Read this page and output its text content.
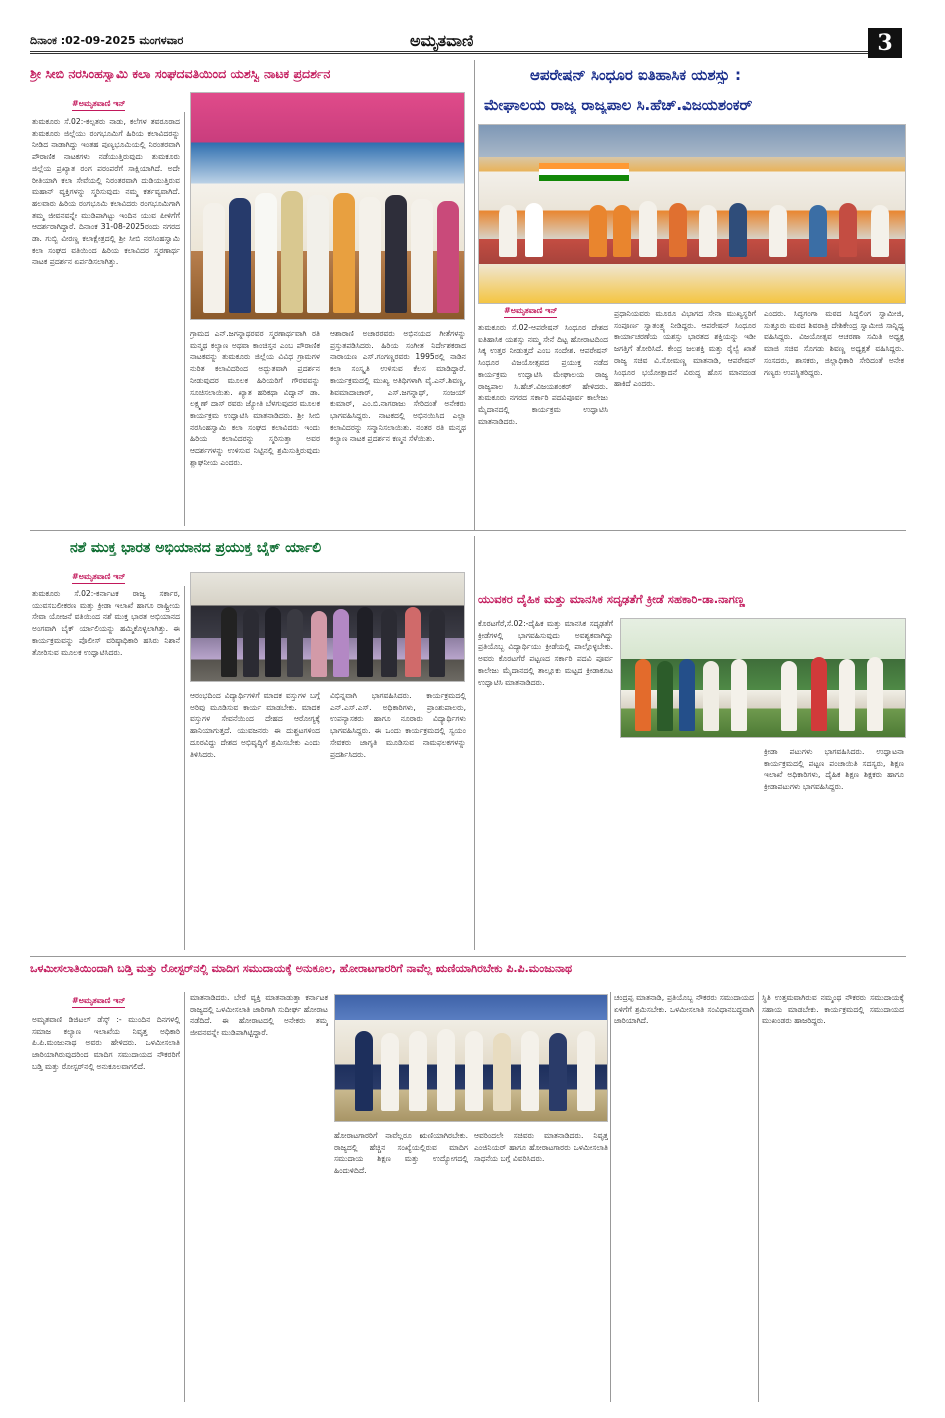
ದಿನಾಂಕ :02-09-2025 ಮಂಗಳವಾರ	ಅಮೃತವಾಣಿ	3
ಶ್ರೀ ಸೀಬಿ ನರಸಿಂಹಸ್ವಾಮಿ ಕಲಾ ಸಂಘದವತಿಯಿಂದ ಯಶಸ್ವಿ ನಾಟಕ ಪ್ರದರ್ಶನ
#ಅಮೃತವಾಣಿ ಇನ್
ತುಮಕೂರು ಸೆ.02:-ಕಲ್ಪತರು ನಾಡು, ಕಲೆಗಳ ತವರೂರಾದ ತುಮಕೂರು ಜಿಲ್ಲೆಯು ರಂಗಭೂಮಿಗೆ ಹಿರಿಯ ಕಲಾವಿದರನ್ನು ನೀಡಿದ ನಾಡಾಗಿದ್ದು ಇಂತಹ ಪುಣ್ಯಭೂಮಿಯಲ್ಲಿ ನಿರಂತರವಾಗಿ ಪೌರಾಣಿಕ ನಾಟಕಗಳು ನಡೆಯುತ್ತಿರುವುದು ತುಮಕೂರು ಜಿಲ್ಲೆಯ ಪ್ರಖ್ಯಾತ ರಂಗ ಪರಂಪರೆಗೆ ಸಾಕ್ಷಿಯಾಗಿದೆ. ಅದೇ ರೀತಿಯಾಗಿ ಕಲಾ ಸೇವೆಯಲ್ಲಿ ನಿರಂತರವಾಗಿ ದುಡಿಯುತ್ತಿರುವ ಮಹಾನ್ ವ್ಯಕ್ತಿಗಳನ್ನು ಸ್ಮರಿಸುವುದು ನಮ್ಮ ಕರ್ತವ್ಯವಾಗಿದೆ. ಹಲವಾರು ಹಿರಿಯ ರಂಗಭೂಮಿ ಕಲಾವಿದರು ರಂಗಭೂಮಿಗಾಗಿ ತಮ್ಮ ಜೀವನವನ್ನೇ ಮುಡಿಪಾಗಿಟ್ಟು ಇಂದಿನ ಯುವ ಪೀಳಿಗೆಗೆ ಆದರ್ಶರಾಗಿದ್ದಾರೆ. ದಿನಾಂಕ 31-08-2025ರಂದು ನಗರದ ಡಾ. ಗುಬ್ಬಿ ವೀರಣ್ಣ ಕಲಾಕ್ಷೇತ್ರದಲ್ಲಿ ಶ್ರೀ ಸೀಬಿ ನರಸಿಂಹಸ್ವಾಮಿ ಕಲಾ ಸಂಘದ ವತಿಯಿಂದ ಹಿರಿಯ ಕಲಾವಿದರ ಸ್ಮರಣಾರ್ಥ ನಾಟಕ ಪ್ರದರ್ಶನ ಏರ್ಪಡಿಸಲಾಗಿತ್ತು.
ಗ್ರಾಮದ ಎನ್.ಜಗನ್ನಾಥರವರ ಸ್ಮರಣಾರ್ಥವಾಗಿ ರತಿ ಮನ್ಮಥ ಕಲ್ಯಾಣ ಅಥವಾ ಕಾಂಚಿಸ್ತನ ಎಂಬ ಪೌರಾಣಿಕ ನಾಟಕವನ್ನು ತುಮಕೂರು ಜಿಲ್ಲೆಯ ವಿವಿಧ ಗ್ರಾಮಗಳ ನುರಿತ ಕಲಾವಿದರಿಂದ ಅದ್ಭುತವಾಗಿ ಪ್ರದರ್ಶನ ನೀಡುವುದರ ಮೂಲಕ ಹಿರಿಯರಿಗೆ ಗೌರವವನ್ನು ಸೂಚಿಸಲಾಯಿತು. ಖ್ಯಾತ ಹರಿಕಥಾ ವಿದ್ವಾನ್ ಡಾ. ಲಕ್ಷ್ಮಣ್ ದಾಸ್ ರವರು ಜ್ಯೋತಿ ಬೆಳಗುವುದರ ಮೂಲಕ ಕಾರ್ಯಕ್ರಮ ಉದ್ಘಾಟಿಸಿ ಮಾತನಾಡಿದರು. ಶ್ರೀ ಸೀಬಿ ನರಸಿಂಹಸ್ವಾಮಿ ಕಲಾ ಸಂಘದ ಕಲಾವಿದರು ಇಂದು ಹಿರಿಯ ಕಲಾವಿದರನ್ನು ಸ್ಮರಿಸುತ್ತಾ ಅವರ ಆದರ್ಶಗಳನ್ನು ಉಳಿಸುವ ನಿಟ್ಟಿನಲ್ಲಿ ಶ್ರಮಿಸುತ್ತಿರುವುದು ಶ್ಲಾಘನೀಯ ಎಂದರು.
ಆಶಾರಾಣಿ ಅಚಾರರವರು ಅಭಿನಯದ ಗೀತೆಗಳನ್ನು ಪ್ರಸ್ತುತಪಡಿಸಿದರು. ಹಿರಿಯ ಸಂಗೀತ ನಿರ್ದೇಶಕರಾದ ನಾರಾಯಣ ಎಸ್.ಗಂಗಣ್ಣರವರು 1995ರಲ್ಲಿ ನಾಡಿನ ಕಲಾ ಸಂಸ್ಕೃತಿ ಉಳಿಸುವ ಕೆಲಸ ಮಾಡಿದ್ದಾರೆ. ಕಾರ್ಯಕ್ರಮದಲ್ಲಿ ಮುಖ್ಯ ಅತಿಥಿಗಳಾಗಿ ವೈ.ಎನ್.ಶಿವಣ್ಣ, ಶಿವಮಾದಾಚಾರ್, ಎಸ್.ಜಗನ್ನಾಥ್, ಸಂಜಯ್ ಕುಮಾರ್, ಎಂ.ಬಿ.ನಾಗರಾಜು ಸೇರಿದಂತೆ ಅನೇಕರು ಭಾಗವಹಿಸಿದ್ದರು. ನಾಟಕದಲ್ಲಿ ಅಭಿನಯಿಸಿದ ಎಲ್ಲಾ ಕಲಾವಿದರನ್ನು ಸನ್ಮಾನಿಸಲಾಯಿತು. ನಂತರ ರತಿ ಮನ್ಮಥ ಕಲ್ಯಾಣ ನಾಟಕ ಪ್ರದರ್ಶನ ಕಣ್ಮನ ಸೆಳೆಯಿತು.
ಆಪರೇಷನ್ ಸಿಂಧೂರ ಐತಿಹಾಸಿಕ ಯಶಸ್ಸು :
ಮೇಘಾಲಯ ರಾಜ್ಯ ರಾಜ್ಯಪಾಲ ಸಿ.ಹೆಚ್.ವಿಜಯಶಂಕರ್
#ಅಮೃತವಾಣಿ ಇನ್
ತುಮಕೂರು ಸೆ.02-ಆಪರೇಷನ್ ಸಿಂಧೂರ ದೇಶದ ಐತಿಹಾಸಿಕ ಯಶಸ್ಸು ನಮ್ಮ ಸೇನೆ ದಿಟ್ಟ ಹೋರಾಟದಿಂದ ಸಿಕ್ಕ ಉತ್ತರ ನೀಡುತ್ತದೆ ಎಂಬ ಸಂದೇಶ. ಆಪರೇಷನ್ ಸಿಂಧೂರ ವಿಜಯೋತ್ಸವದ ಪ್ರಯುಕ್ತ ನಡೆದ ಕಾರ್ಯಕ್ರಮ ಉದ್ಘಾಟಿಸಿ ಮೇಘಾಲಯ ರಾಜ್ಯ ರಾಜ್ಯಪಾಲ ಸಿ.ಹೆಚ್.ವಿಜಯಶಂಕರ್ ಹೇಳಿದರು. ತುಮಕೂರು ನಗರದ ಸರ್ಕಾರಿ ಪದವಿಪೂರ್ವ ಕಾಲೇಜು ಮೈದಾನದಲ್ಲಿ ಕಾರ್ಯಕ್ರಮ ಉದ್ಘಾಟಿಸಿ ಮಾತನಾಡಿದರು.
ಪ್ರಧಾನಿಯವರು ಮೂರೂ ವಿಭಾಗದ ಸೇನಾ ಮುಖ್ಯಸ್ಥರಿಗೆ ಸಂಪೂರ್ಣ ಸ್ವಾತಂತ್ರ್ಯ ನೀಡಿದ್ದರು. ಆಪರೇಷನ್ ಸಿಂಧೂರ ಕಾರ್ಯಾಚರಣೆಯ ಯಶಸ್ಸು ಭಾರತದ ಶಕ್ತಿಯನ್ನು ಇಡೀ ಜಗತ್ತಿಗೆ ತೋರಿಸಿದೆ. ಕೇಂದ್ರ ಜಲಶಕ್ತಿ ಮತ್ತು ರೈಲ್ವೆ ಖಾತೆ ರಾಜ್ಯ ಸಚಿವ ವಿ.ಸೋಮಣ್ಣ ಮಾತನಾಡಿ, ಆಪರೇಷನ್ ಸಿಂಧೂರ ಭಯೋತ್ಪಾದನೆ ವಿರುದ್ಧ ಹೊಸ ಮಾನದಂಡ ಹಾಕಿದೆ ಎಂದರು.
ಎಂದರು. ಸಿದ್ಧಗಂಗಾ ಮಠದ ಸಿದ್ಧಲಿಂಗ ಸ್ವಾಮೀಜಿ, ಸುತ್ತೂರು ಮಠದ ಶಿವರಾತ್ರಿ ದೇಶಿಕೇಂದ್ರ ಸ್ವಾಮೀಜಿ ಸಾನ್ನಿಧ್ಯ ವಹಿಸಿದ್ದರು. ವಿಜಯೋತ್ಸವ ಆಚರಣಾ ಸಮಿತಿ ಅಧ್ಯಕ್ಷ ಮಾಜಿ ಸಚಿವ ಸೊಗಡು ಶಿವಣ್ಣ ಅಧ್ಯಕ್ಷತೆ ವಹಿಸಿದ್ದರು. ಸಂಸದರು, ಶಾಸಕರು, ಜಿಲ್ಲಾಧಿಕಾರಿ ಸೇರಿದಂತೆ ಅನೇಕ ಗಣ್ಯರು ಉಪಸ್ಥಿತರಿದ್ದರು.
ನಶೆ ಮುಕ್ತ ಭಾರತ ಅಭಿಯಾನದ ಪ್ರಯುಕ್ತ ಬೈಕ್ ರ್ಯಾಲಿ
#ಅಮೃತವಾಣಿ ಇನ್
ತುಮಕೂರು ಸೆ.02:-ಕರ್ನಾಟಕ ರಾಜ್ಯ ಸರ್ಕಾರ, ಯುವಸಬಲೀಕರಣ ಮತ್ತು ಕ್ರೀಡಾ ಇಲಾಖೆ ಹಾಗೂ ರಾಷ್ಟ್ರೀಯ ಸೇವಾ ಯೋಜನೆ ವತಿಯಿಂದ ನಶೆ ಮುಕ್ತ ಭಾರತ ಅಭಿಯಾನದ ಅಂಗವಾಗಿ ಬೈಕ್ ರ್ಯಾಲಿಯನ್ನು ಹಮ್ಮಿಕೊಳ್ಳಲಾಗಿತ್ತು. ಈ ಕಾರ್ಯಕ್ರಮವನ್ನು ಪೊಲೀಸ್ ವರಿಷ್ಠಾಧಿಕಾರಿ ಹಸಿರು ನಿಶಾನೆ ತೋರಿಸುವ ಮೂಲಕ ಉದ್ಘಾಟಿಸಿದರು.
ಆರಂಭದಿಂದ ವಿದ್ಯಾರ್ಥಿಗಳಿಗೆ ಮಾದಕ ವಸ್ತುಗಳ ಬಗ್ಗೆ ಅರಿವು ಮೂಡಿಸುವ ಕಾರ್ಯ ಮಾಡಬೇಕು. ಮಾದಕ ವಸ್ತುಗಳ ಸೇವನೆಯಿಂದ ದೇಹದ ಆರೋಗ್ಯಕ್ಕೆ ಹಾನಿಯಾಗುತ್ತದೆ. ಯುವಜನರು ಈ ದುಶ್ಚಟಗಳಿಂದ ದೂರವಿದ್ದು ದೇಶದ ಅಭಿವೃದ್ಧಿಗೆ ಶ್ರಮಿಸಬೇಕು ಎಂದು ತಿಳಿಸಿದರು.
ವಿಭಿನ್ನವಾಗಿ ಭಾಗವಹಿಸಿದರು. ಕಾರ್ಯಕ್ರಮದಲ್ಲಿ ಎನ್.ಎಸ್.ಎಸ್. ಅಧಿಕಾರಿಗಳು, ಪ್ರಾಂಶುಪಾಲರು, ಉಪನ್ಯಾಸಕರು ಹಾಗೂ ನೂರಾರು ವಿದ್ಯಾರ್ಥಿಗಳು ಭಾಗವಹಿಸಿದ್ದರು. ಈ ಒಂದು ಕಾರ್ಯಕ್ರಮದಲ್ಲಿ ಸ್ವಯಂ ಸೇವಕರು ಜಾಗೃತಿ ಮೂಡಿಸುವ ನಾಮಫಲಕಗಳನ್ನು ಪ್ರದರ್ಶಿಸಿದರು.
ಯುವಕರ ದೈಹಿಕ ಮತ್ತು ಮಾನಸಿಕ ಸದೃಢತೆಗೆ ಕ್ರೀಡೆ ಸಹಕಾರಿ-ಡಾ.ನಾಗಣ್ಣ
ಕೊರಟಗೆರೆ,ಸೆ.02:-ದೈಹಿಕ ಮತ್ತು ಮಾನಸಿಕ ಸದೃಢತೆಗೆ ಕ್ರೀಡೆಗಳಲ್ಲಿ ಭಾಗವಹಿಸುವುದು ಅವಶ್ಯಕವಾಗಿದ್ದು ಪ್ರತಿಯೊಬ್ಬ ವಿದ್ಯಾರ್ಥಿಯು ಕ್ರೀಡೆಯಲ್ಲಿ ಪಾಲ್ಗೊಳ್ಳಬೇಕು. ಅವರು ಕೊರಟಗೆರೆ ಪಟ್ಟಣದ ಸರ್ಕಾರಿ ಪದವಿ ಪೂರ್ವ ಕಾಲೇಜು ಮೈದಾನದಲ್ಲಿ ತಾಲ್ಲೂಕು ಮಟ್ಟದ ಕ್ರೀಡಾಕೂಟ ಉದ್ಘಾಟಿಸಿ ಮಾತನಾಡಿದರು.
ಕ್ರೀಡಾ ಪಟುಗಳು ಭಾಗವಹಿಸಿದರು. ಉದ್ಘಾಟನಾ ಕಾರ್ಯಕ್ರಮದಲ್ಲಿ ಪಟ್ಟಣ ಪಂಚಾಯಿತಿ ಸದಸ್ಯರು, ಶಿಕ್ಷಣ ಇಲಾಖೆ ಅಧಿಕಾರಿಗಳು, ದೈಹಿಕ ಶಿಕ್ಷಣ ಶಿಕ್ಷಕರು ಹಾಗೂ ಕ್ರೀಡಾಪಟುಗಳು ಭಾಗವಹಿಸಿದ್ದರು.
ಒಳಮೀಸಲಾತಿಯಿಂದಾಗಿ ಬಡ್ತಿ ಮತ್ತು ರೋಸ್ಟರ್‌ನಲ್ಲಿ ಮಾದಿಗ ಸಮುದಾಯಕ್ಕೆ ಅನುಕೂಲ, ಹೋರಾಟಗಾರರಿಗೆ ನಾವೆಲ್ಲ ಋಣಿಯಾಗಿರಬೇಕು ಪಿ.ಪಿ.ಮಂಜುನಾಥ
#ಅಮೃತವಾಣಿ ಇನ್
ಅಮೃತವಾಣಿ ಡಿಜಿಟಲ್ ಡೆಸ್ಕ್ :- ಮುಂದಿನ ದಿನಗಳಲ್ಲಿ ಸಮಾಜ ಕಲ್ಯಾಣ ಇಲಾಖೆಯ ನಿವೃತ್ತ ಅಧಿಕಾರಿ ಪಿ.ಪಿ.ಮಂಜುನಾಥ ಅವರು ಹೇಳಿದರು. ಒಳಮೀಸಲಾತಿ ಜಾರಿಯಾಗಿರುವುದರಿಂದ ಮಾದಿಗ ಸಮುದಾಯದ ನೌಕರರಿಗೆ ಬಡ್ತಿ ಮತ್ತು ರೋಸ್ಟರ್‌ನಲ್ಲಿ ಅನುಕೂಲವಾಗಲಿದೆ.
ಮಾತನಾಡಿದರು. ಬೇರೆ ವ್ಯಕ್ತಿ ಮಾತನಾಡುತ್ತಾ ಕರ್ನಾಟಕ ರಾಜ್ಯದಲ್ಲಿ ಒಳಮೀಸಲಾತಿ ಜಾರಿಗಾಗಿ ಸುದೀರ್ಘ ಹೋರಾಟ ನಡೆದಿದೆ. ಈ ಹೋರಾಟದಲ್ಲಿ ಅನೇಕರು ತಮ್ಮ ಜೀವನವನ್ನೇ ಮುಡಿಪಾಗಿಟ್ಟಿದ್ದಾರೆ.
ಹೋರಾಟಗಾರರಿಗೆ ನಾವೆಲ್ಲರೂ ಋಣಿಯಾಗಿರಬೇಕು. ರಾಜ್ಯದಲ್ಲಿ ಹೆಚ್ಚಿನ ಸಂಖ್ಯೆಯಲ್ಲಿರುವ ಮಾದಿಗ ಸಮುದಾಯ ಶಿಕ್ಷಣ ಮತ್ತು ಉದ್ಯೋಗದಲ್ಲಿ ಹಿಂದುಳಿದಿದೆ.
ಆವರಿಂದಲೇ ಸಚಿವರು ಮಾತನಾಡಿದರು. ನಿವೃತ್ತ ಎಂಜಿನಿಯರ್ ಹಾಗೂ ಹೋರಾಟಗಾರರು ಒಳಮೀಸಲಾತಿ ಸಾಧನೆಯ ಬಗ್ಗೆ ವಿವರಿಸಿದರು.
ಚಂದ್ರಪ್ಪ ಮಾತನಾಡಿ, ಪ್ರತಿಯೊಬ್ಬ ನೌಕರರು ಸಮುದಾಯದ ಏಳಿಗೆಗೆ ಶ್ರಮಿಸಬೇಕು. ಒಳಮೀಸಲಾತಿ ಸಂವಿಧಾನಬದ್ಧವಾಗಿ ಜಾರಿಯಾಗಿದೆ.
ಸ್ಥಿತಿ ಉತ್ತಮವಾಗಿರುವ ನಮ್ಮಂಥ ನೌಕರರು ಸಮುದಾಯಕ್ಕೆ ಸಹಾಯ ಮಾಡಬೇಕು. ಕಾರ್ಯಕ್ರಮದಲ್ಲಿ ಸಮುದಾಯದ ಮುಖಂಡರು ಹಾಜರಿದ್ದರು.
